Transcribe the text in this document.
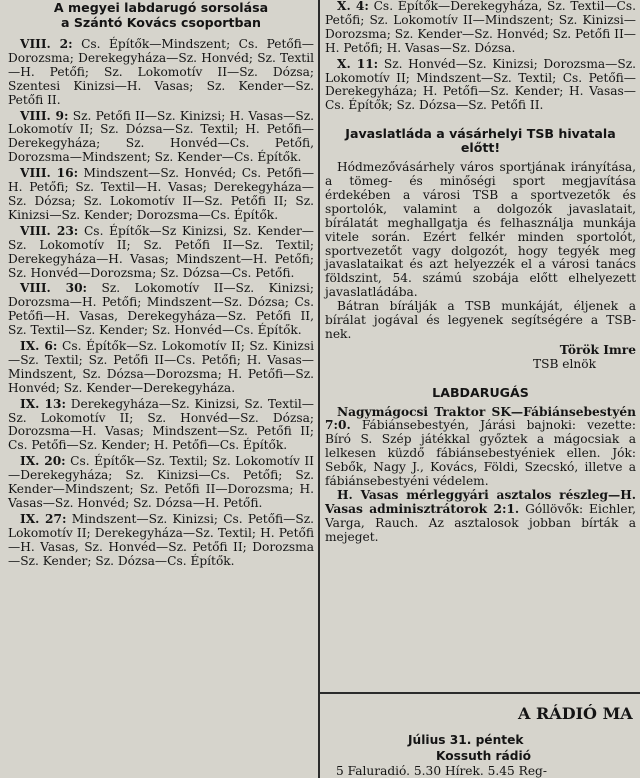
A megyei labdarugó sorsolása
a Szántó Kovács csoportban

VIII. 2: Cs. Építők—Mindszent; Cs. Petőfi—Dorozsma; Derekegyháza—Sz. Honvéd; Sz. Textil—H. Petőfi; Sz. Lokomotív II—Sz. Dózsa; Szentesi Kinizsi—H. Vasas; Sz. Kender—Sz. Petőfi II.

VIII. 9: Sz. Petőfi II—Sz. Kinizsi; H. Vasas—Sz. Lokomotív II; Sz. Dózsa—Sz. Textil; H. Petőfi—Derekegyháza; Sz. Honvéd—Cs. Petőfi, Dorozsma—Mindszent; Sz. Kender—Cs. Építők.

VIII. 16: Mindszent—Sz. Honvéd; Cs. Petőfi—H. Petőfi; Sz. Textil—H. Vasas; Derekegyháza—Sz. Dózsa; Sz. Lokomotív II—Sz. Petőfi II; Sz. Kinizsi—Sz. Kender; Dorozsma—Cs. Építők.

VIII. 23: Cs. Építők—Sz Kinizsi, Sz. Kender—Sz. Lokomotív II; Sz. Petőfi II—Sz. Textil; Derekegyháza—H. Vasas; Mindszent—H. Petőfi; Sz. Honvéd—Dorozsma; Sz. Dózsa—Cs. Petőfi.

VIII. 30: Sz. Lokomotív II—Sz. Kinizsi; Dorozsma—H. Petőfi; Mindszent—Sz. Dózsa; Cs. Petőfi—H. Vasas, Derekegyháza—Sz. Petőfi II, Sz. Textil—Sz. Kender; Sz. Honvéd—Cs. Építők.

IX. 6: Cs. Építők—Sz. Lokomotív II; Sz. Kinizsi—Sz. Textil; Sz. Petőfi II—Cs. Petőfi; H. Vasas—Mindszent, Sz. Dózsa—Dorozsma; H. Petőfi—Sz. Honvéd; Sz. Kender—Derekegyháza.

IX. 13: Derekegyháza—Sz. Kinizsi, Sz. Textil—Sz. Lokomotív II; Sz. Honvéd—Sz. Dózsa; Dorozsma—H. Vasas; Mindszent—Sz. Petőfi II; Cs. Petőfi—Sz. Kender; H. Petőfi—Cs. Építők.

IX. 20: Cs. Építők—Sz. Textil; Sz. Lokomotív II—Derekegyháza; Sz. Kinizsi—Cs. Petőfi; Sz. Kender—Mindszent; Sz. Petőfi II—Dorozsma; H. Vasas—Sz. Honvéd; Sz. Dózsa—H. Petőfi.

IX. 27: Mindszent—Sz. Kinizsi; Cs. Petőfi—Sz. Lokomotív II; Derekegyháza—Sz. Textil; H. Petőfi—H. Vasas, Sz. Honvéd—Sz. Petőfi II; Dorozsma—Sz. Kender; Sz. Dózsa—Cs. Építők.

X. 4: Cs. Építők—Derekegyháza, Sz. Textil—Cs. Petőfi; Sz. Lokomotív II—Mindszent; Sz. Kinizsi—Dorozsma; Sz. Kender—Sz. Honvéd; Sz. Petőfi II—H. Petőfi; H. Vasas—Sz. Dózsa.

X. 11: Sz. Honvéd—Sz. Kinizsi; Dorozsma—Sz. Lokomotív II; Mindszent—Sz. Textil; Cs. Petőfi—Derekegyháza; H. Petőfi—Sz. Kender; H. Vasas—Cs. Építők; Sz. Dózsa—Sz. Petőfi II.

Javaslatláda a vásárhelyi TSB hivatala előtt!

Hódmezővásárhely város sportjának irányítása, a tömeg- és minőségi sport megjavítása érdekében a városi TSB a sportvezetők és sportolók, valamint a dolgozók javaslatait, bírálatát meghallgatja és felhasználja munkája vitele során. Ezért felkér minden sportolót, sportvezetőt vagy dolgozót, hogy tegyék meg javaslataikat és azt helyezzék el a városi tanács földszint, 54. számú szobája előtt elhelyezett javaslatládába.

Bátran bírálják a TSB munkáját, éljenek a bírálat jogával és legyenek segítségére a TSB-nek.

Török Imre
TSB elnök
LABDARUGÁS

Nagymágocsi Traktor SK—Fábiánsebestyén 7:0. Fábiánsebestyén, Járási bajnoki: vezette: Bíró S. Szép játékkal győztek a mágocsiak a lelkesen küzdő fábiánsebestyéniek ellen. Jók: Sebők, Nagy J., Kovács, Földi, Szecskó, illetve a fábiánsebestyéni védelem.

H. Vasas mérleggyári asztalos részleg—H. Vasas adminisztrátorok 2:1. Góllövők: Eichler, Varga, Rauch. Az asztalosok jobban bírták a mejeget.

A RÁDIÓ MA
Július 31. péntek
Kossuth rádió
5 Faluradió. 5.30 Hírek. 5.45 Reg-
